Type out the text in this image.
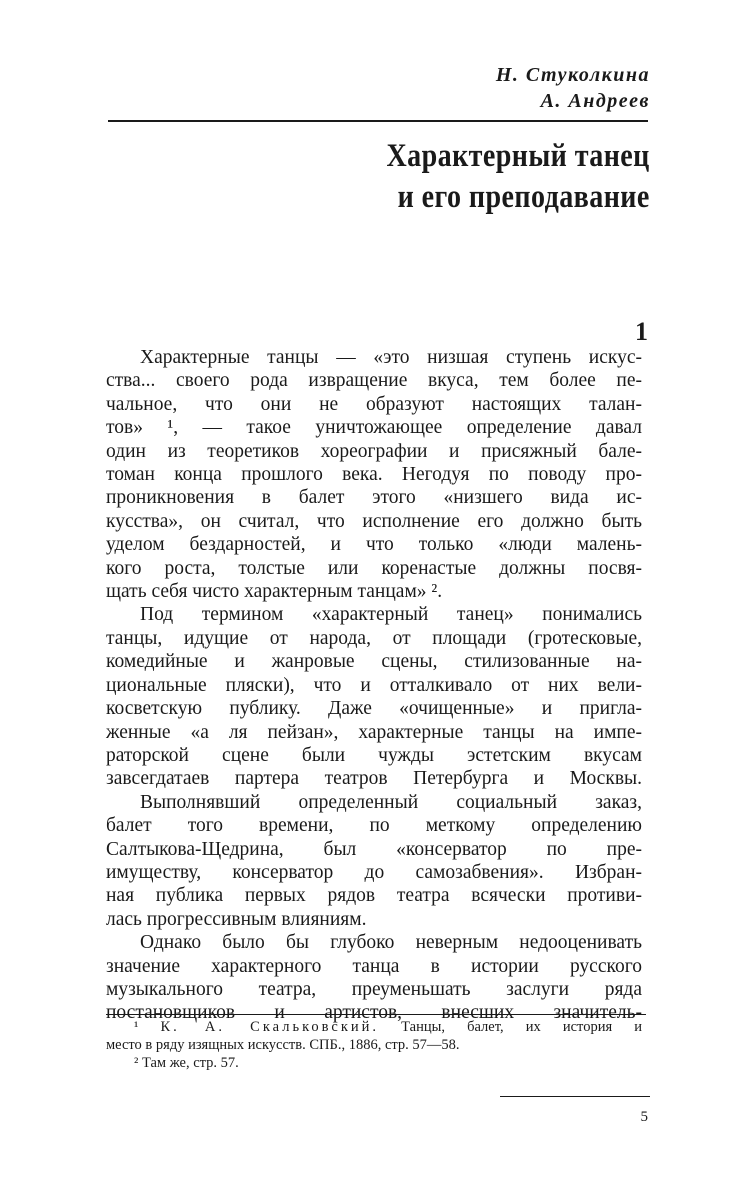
Н. Стуколкина
А. Андреев
Характерный танец
и его преподавание
1
Характерные танцы — «это низшая ступень искус-
ства... своего рода извращение вкуса, тем более пе-
чальное, что они не образуют настоящих талан-
тов» ¹, — такое уничтожающее определение давал
один из теоретиков хореографии и присяжный бале-
томан конца прошлого века. Негодуя по поводу про-
проникновения в балет этого «низшего вида ис-
кусства», он считал, что исполнение его должно быть
уделом бездарностей, и что только «люди малень-
кого роста, толстые или коренастые должны посвя-
щать себя чисто характерным танцам» ².
Под термином «характерный танец» понимались
танцы, идущие от народа, от площади (гротесковые,
комедийные и жанровые сцены, стилизованные на-
циональные пляски), что и отталкивало от них вели-
косветскую публику. Даже «очищенные» и пригла-
женные «а ля пейзан», характерные танцы на импе-
раторской сцене были чужды эстетским вкусам
завсегдатаев партера театров Петербурга и Москвы.
Выполнявший определенный социальный заказ,
балет того времени, по меткому определению
Салтыкова-Щедрина, был «консерватор по пре-
имуществу, консерватор до самозабвения». Избран-
ная публика первых рядов театра всячески противи-
лась прогрессивным влияниям.
Однако было бы глубоко неверным недооценивать
значение характерного танца в истории русского
музыкального театра, преуменьшать заслуги ряда
постановщиков и артистов, внесших значитель-
¹ К. А. Скальковский. Танцы, балет, их история и
место в ряду изящных искусств. СПБ., 1886, стр. 57—58.
² Там же, стр. 57.
5
